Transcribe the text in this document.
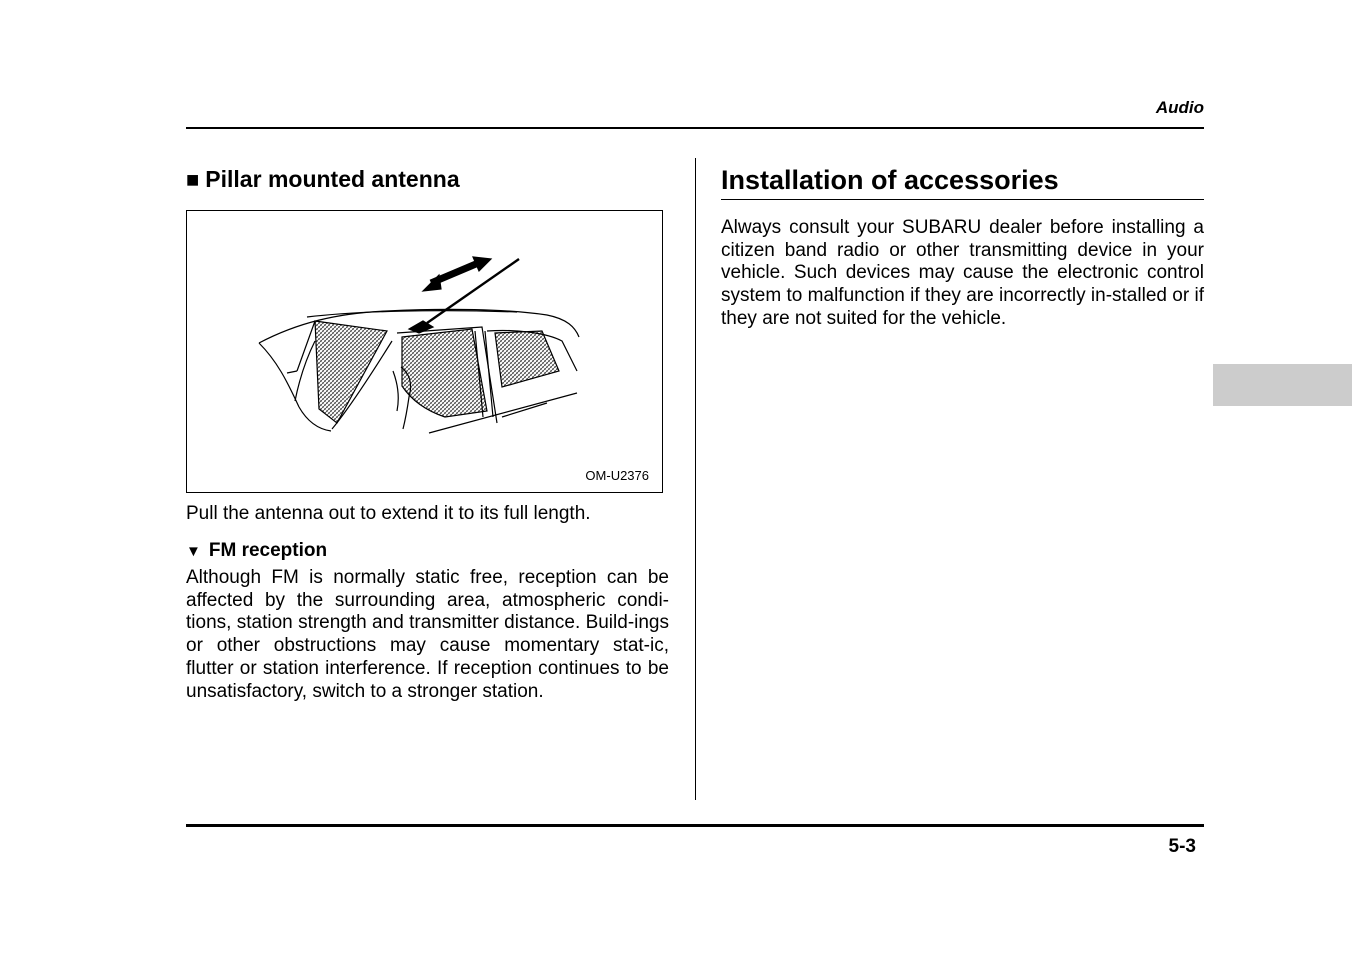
Audio
■ Pillar mounted antenna
OM-U2376
Pull the antenna out to extend it to its full length.
▼ FM reception
Although FM is normally static free, reception can be affected by the surrounding area, atmospheric condi-tions, station strength and transmitter distance. Build-ings or other obstructions may cause momentary stat-ic, flutter or station interference. If reception continues to be unsatisfactory, switch to a stronger station.
Installation of accessories
Always consult your SUBARU dealer before installing a citizen band radio or other transmitting device in your vehicle. Such devices may cause the electronic control system to malfunction if they are incorrectly in-stalled or if they are not suited for the vehicle.
5-3
